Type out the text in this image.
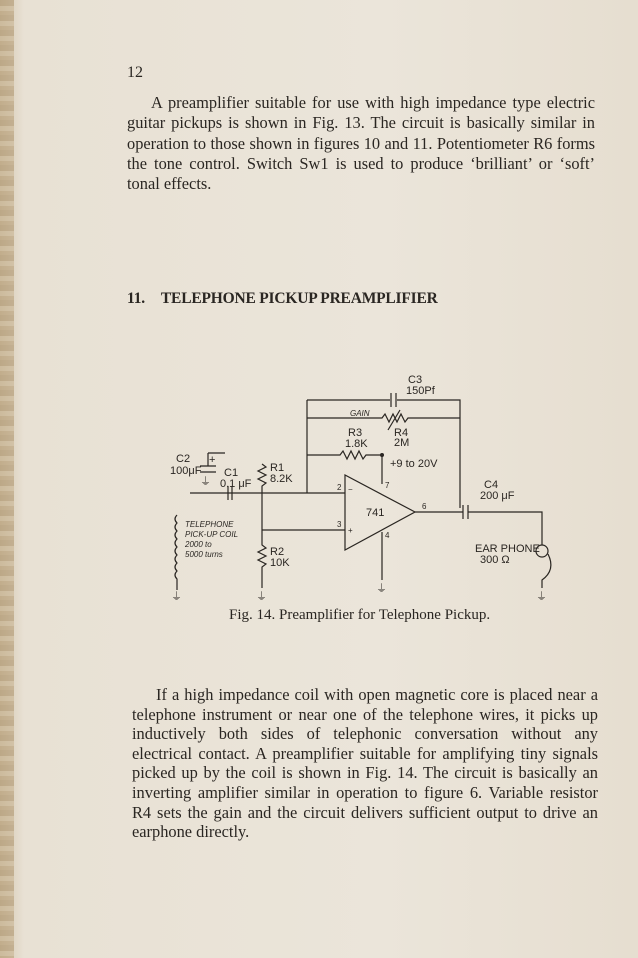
12

A preamplifier suitable for use with high impedance type electric guitar pickups is shown in Fig. 13. The circuit is basically similar in operation to those shown in figures 10 and 11. Potentiometer R6 forms the tone control. Switch Sw1 is used to produce ‘brilliant’ or ‘soft’ tonal effects.

11. TELEPHONE PICKUP PREAMPLIFIER
C3
150Pf
GAIN
R4
2M
R3
1.8K
+9 to 20V
C2 +
100μF
⏚
C1
0.1 μF
R1
8.2K
741
2
3
−
+
7
4
6
C4
200 μF
EAR PHONE
300 Ω
TELEPHONE
PICK-UP COIL
2000 to
5000 turns	R2
10K
⏚	⏚
⏚
⏚
Fig. 14. Preamplifier for Telephone Pickup.

If a high impedance coil with open magnetic core is placed near a telephone instrument or near one of the telephone wires, it picks up inductively both sides of telephonic conversation without any electrical contact. A preamplifier suitable for amplifying tiny signals picked up by the coil is shown in Fig. 14. The circuit is basically an inverting amplifier similar in operation to figure 6. Variable resistor R4 sets the gain and the circuit delivers sufficient output to drive an earphone directly.
